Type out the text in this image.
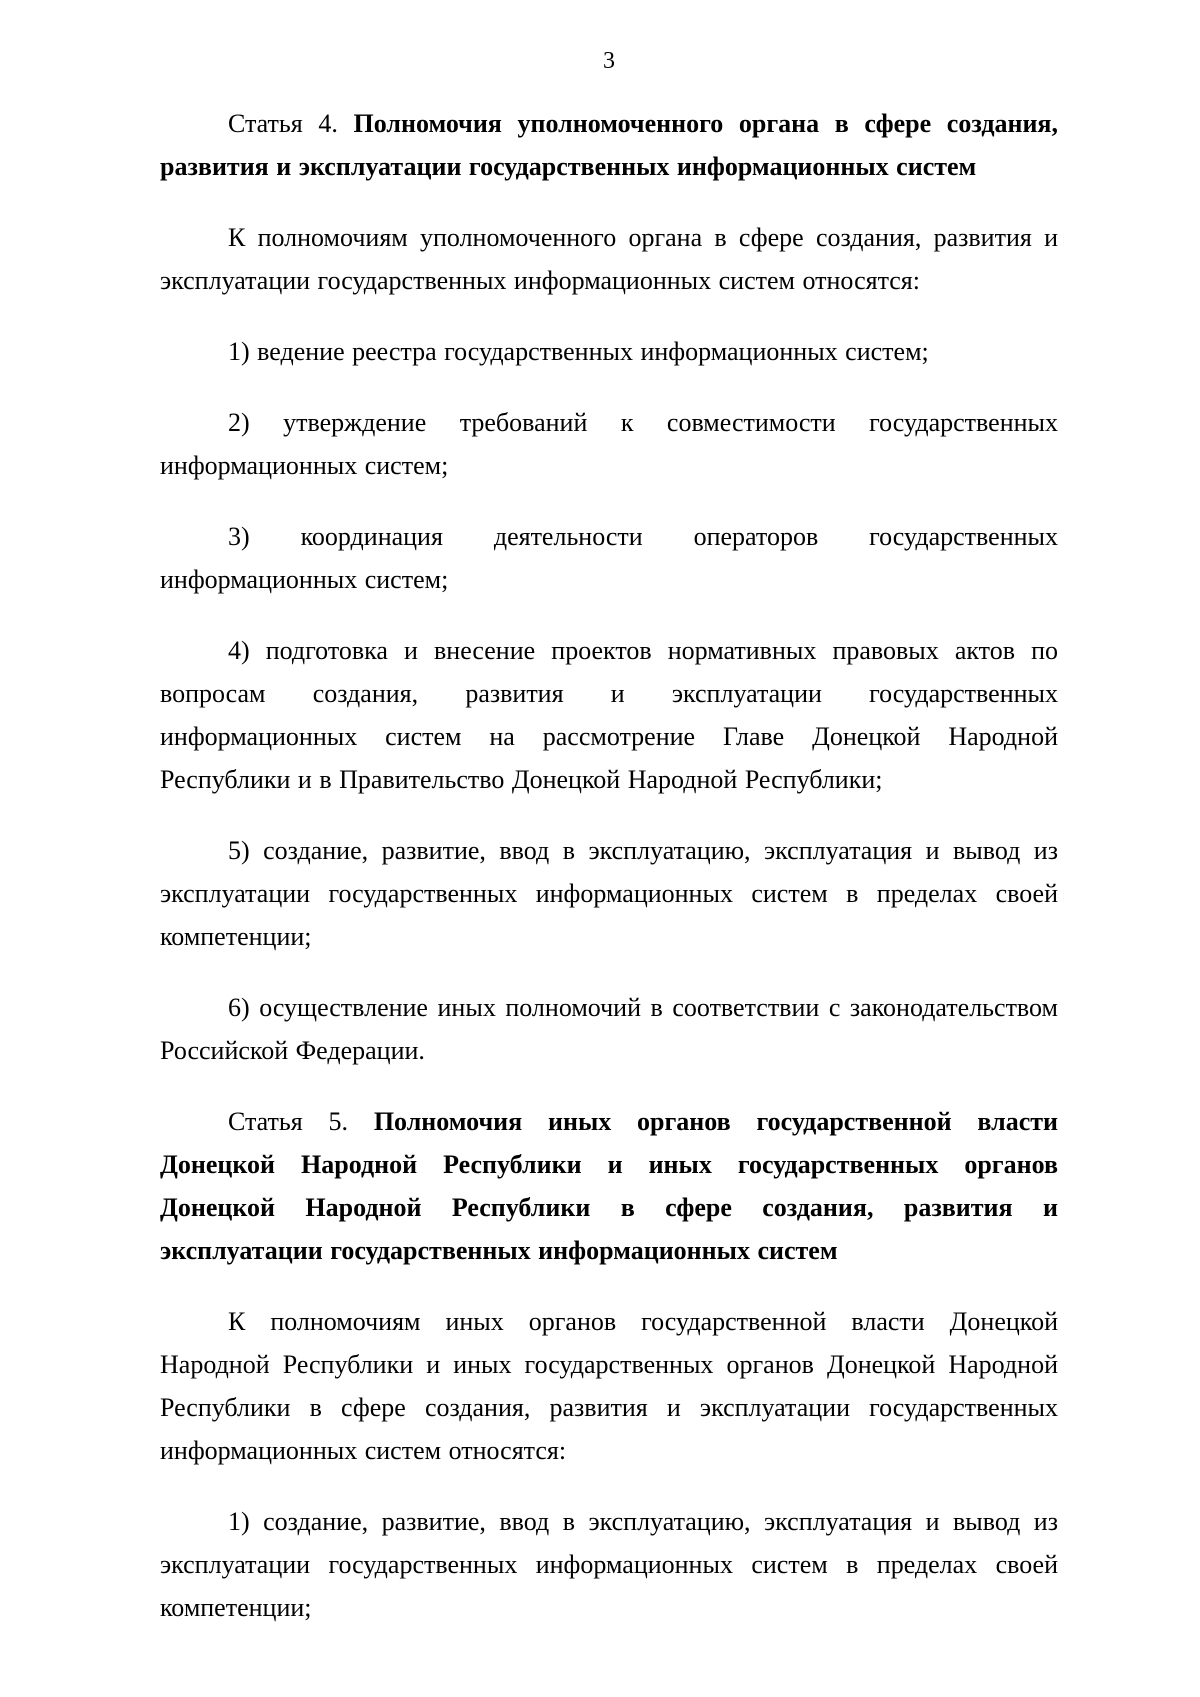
3

Статья 4. Полномочия уполномоченного органа в сфере создания, развития и эксплуатации государственных информационных систем

К полномочиям уполномоченного органа в сфере создания, развития и эксплуатации государственных информационных систем относятся:

1) ведение реестра государственных информационных систем;

2) утверждение требований к совместимости государственных информационных систем;

3) координация деятельности операторов государственных информационных систем;

4) подготовка и внесение проектов нормативных правовых актов по вопросам создания, развития и эксплуатации государственных информационных систем на рассмотрение Главе Донецкой Народной Республики и в Правительство Донецкой Народной Республики;

5) создание, развитие, ввод в эксплуатацию, эксплуатация и вывод из эксплуатации государственных информационных систем в пределах своей компетенции;

6) осуществление иных полномочий в соответствии с законодательством Российской Федерации.

Статья 5. Полномочия иных органов государственной власти Донецкой Народной Республики и иных государственных органов Донецкой Народной Республики в сфере создания, развития и эксплуатации государственных информационных систем

К полномочиям иных органов государственной власти Донецкой Народной Республики и иных государственных органов Донецкой Народной Республики в сфере создания, развития и эксплуатации государственных информационных систем относятся:

1) создание, развитие, ввод в эксплуатацию, эксплуатация и вывод из эксплуатации государственных информационных систем в пределах своей компетенции;
